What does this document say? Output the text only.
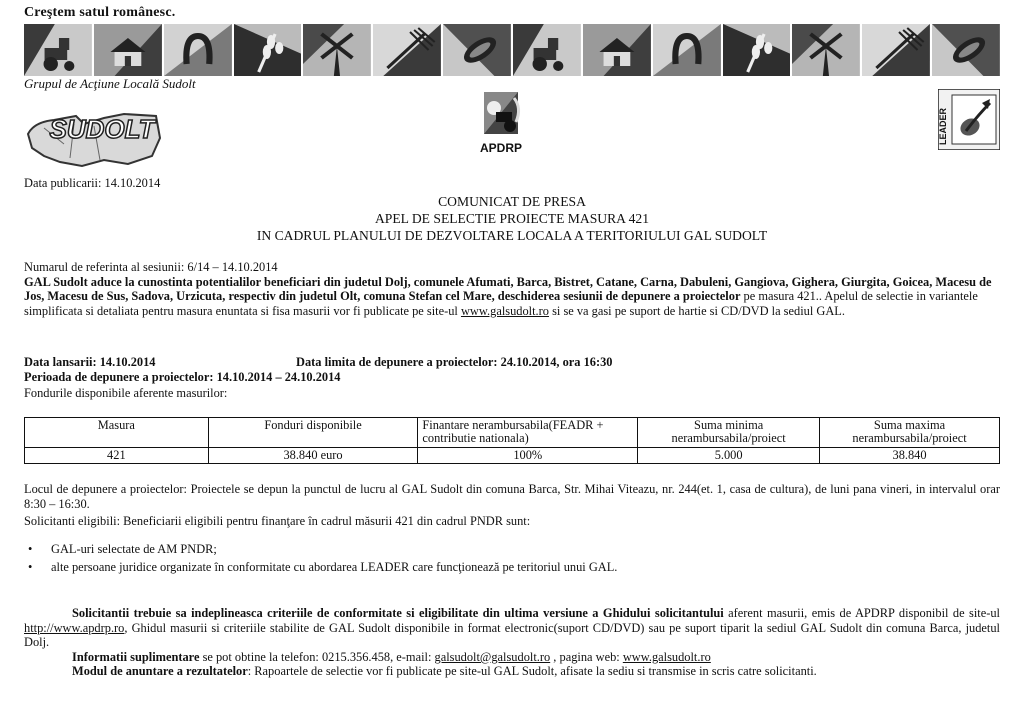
Creştem satul românesc.
Grupul de Acţiune Locală Sudolt
SUDOLT
APDRP
LEADER
Data publicarii: 14.10.2014
COMUNICAT DE PRESA
APEL DE SELECTIE PROIECTE MASURA 421
IN CADRUL PLANULUI DE DEZVOLTARE LOCALA A TERITORIULUI GAL SUDOLT

Numarul de referinta al sesiunii: 6/14 – 14.10.2014

GAL Sudolt aduce la cunostinta potentialilor beneficiari din judetul Dolj, comunele Afumati, Barca, Bistret, Catane, Carna, Dabuleni, Gangiova, Gighera, Giurgita, Goicea, Macesu de Jos, Macesu de Sus, Sadova, Urzicuta, respectiv din judetul Olt, comuna Stefan cel Mare, deschiderea sesiunii de depunere a proiectelor pe masura 421.. Apelul de selectie in variantele simplificata si detaliata pentru masura enuntata si fisa masurii vor fi publicate pe site-ul www.galsudolt.ro si se va gasi pe suport de hartie si CD/DVD la sediul GAL.

Data lansarii: 14.10.2014	Data limita de depunere a proiectelor: 24.10.2014, ora 16:30
Perioada de depunere a proiectelor: 14.10.2014 – 24.10.2014
Fondurile disponibile aferente masurilor:
Masura	Fonduri disponibile	Finantare nerambursabila(FEADR + contributie nationala)	Suma minima nerambursabila/proiect	Suma maxima nerambursabila/proiect
421	38.840 euro	100%	5.000	38.840

Locul de depunere a proiectelor: Proiectele se depun la punctul de lucru al GAL Sudolt din comuna Barca, Str. Mihai Viteazu, nr. 244(et. 1, casa de cultura), de luni pana vineri, in intervalul orar 8:30 – 16:30.

Solicitanti eligibili: Beneficiarii eligibili pentru finanţare în cadrul măsurii 421 din cadrul PNDR sunt:
• GAL-uri selectate de AM PNDR;
• alte persoane juridice organizate în conformitate cu abordarea LEADER care funcţionează pe teritoriul unui GAL.

Solicitantii trebuie sa indeplineasca criteriile de conformitate si eligibilitate din ultima versiune a Ghidului solicitantului aferent masurii, emis de APDRP disponibil de site-ul http://www.apdrp.ro, Ghidul masurii si criteriile stabilite de GAL Sudolt disponibile in format electronic(suport CD/DVD) sau pe suport tiparit la sediul GAL Sudolt din comuna Barca, judetul Dolj.

Informatii suplimentare se pot obtine la telefon: 0215.356.458, e-mail: galsudolt@galsudolt.ro , pagina web: www.galsudolt.ro

Modul de anuntare a rezultatelor: Rapoartele de selectie vor fi publicate pe site-ul GAL Sudolt, afisate la sediu si transmise in scris catre solicitanti.
